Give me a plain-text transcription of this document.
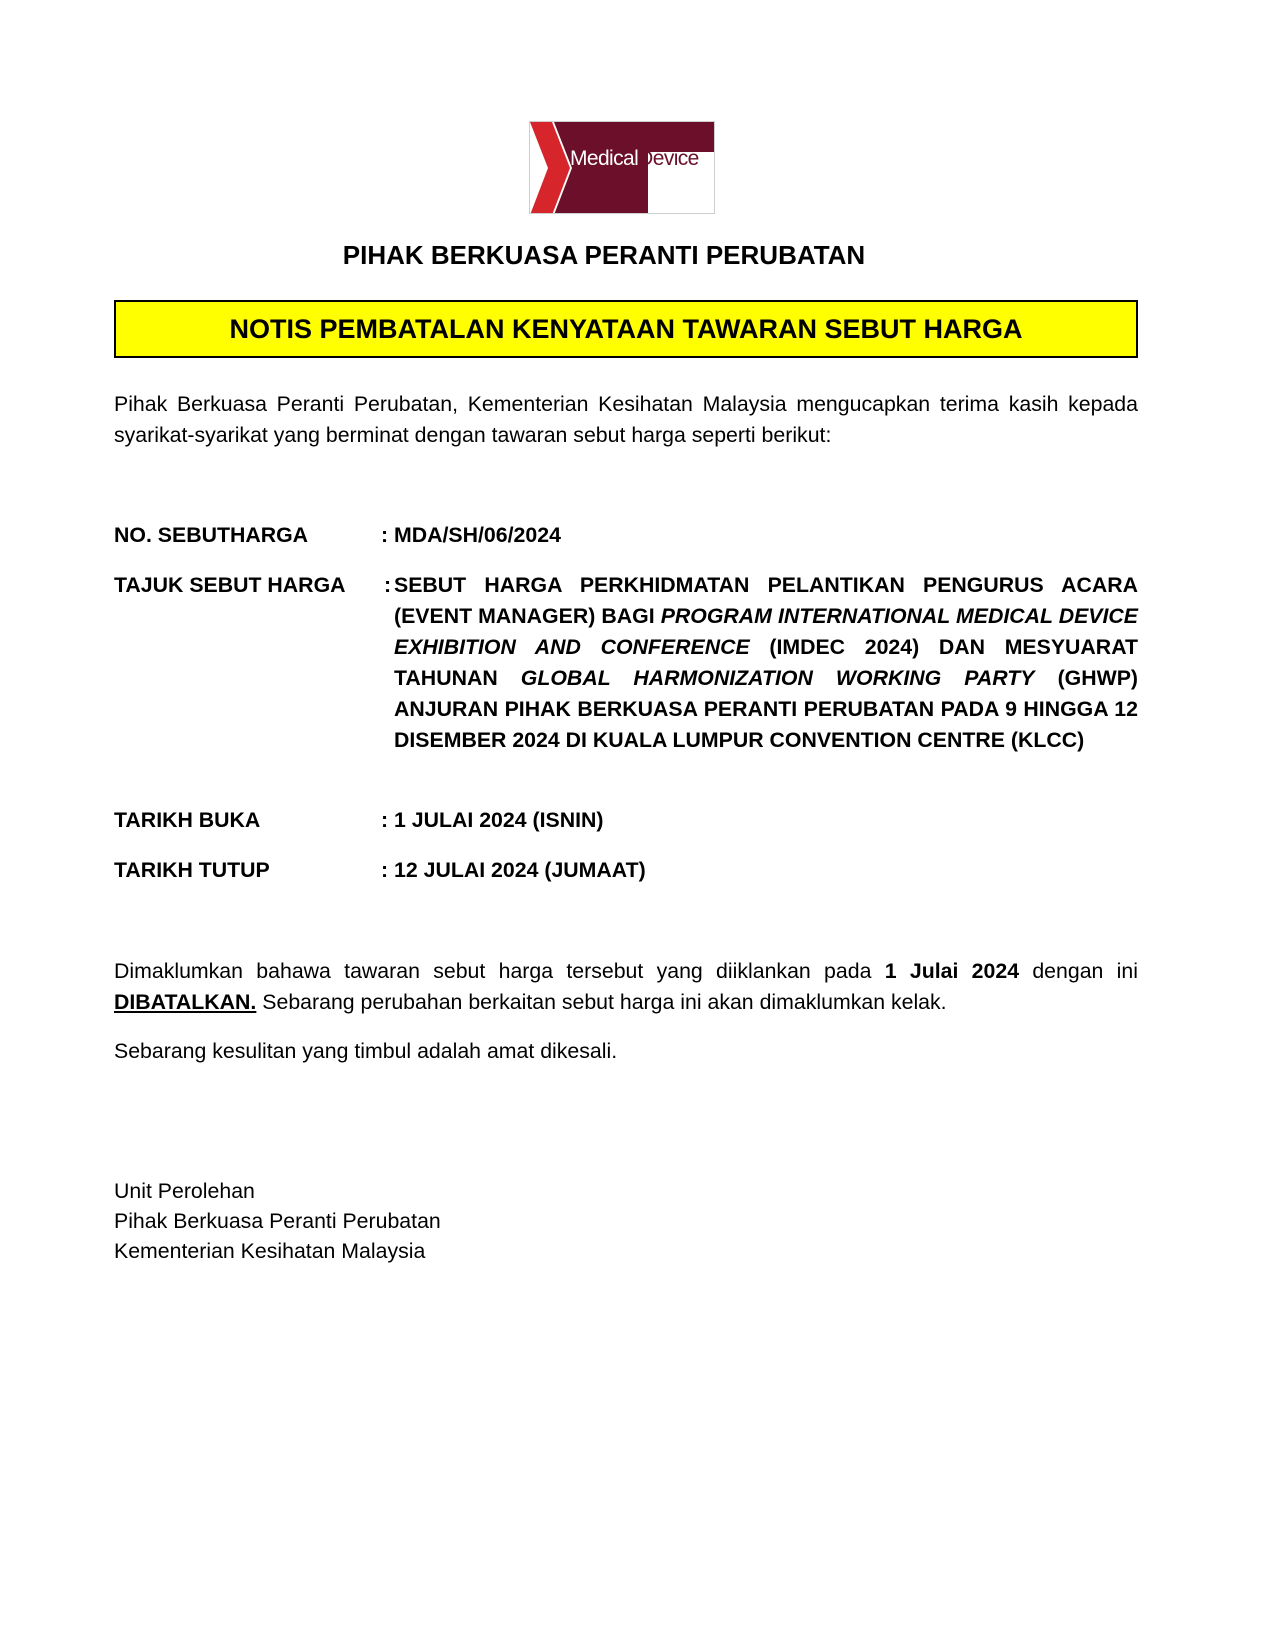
MedicalDevice
AUTHORITY
MALAYSIA
PIHAK BERKUASA PERANTI PERUBATAN
NOTIS PEMBATALAN KENYATAAN TAWARAN SEBUT HARGA
Pihak Berkuasa Peranti Perubatan, Kementerian Kesihatan Malaysia mengucapkan terima kasih kepada syarikat-syarikat yang berminat dengan tawaran sebut harga seperti berikut:
NO. SEBUTHARGA	: MDA/SH/06/2024
TAJUK SEBUT HARGA : SEBUT HARGA PERKHIDMATAN PELANTIKAN PENGURUS ACARA (EVENT MANAGER) BAGI PROGRAM INTERNATIONAL MEDICAL DEVICE EXHIBITION AND CONFERENCE (IMDEC 2024) DAN MESYUARAT TAHUNAN GLOBAL HARMONIZATION WORKING PARTY (GHWP) ANJURAN PIHAK BERKUASA PERANTI PERUBATAN PADA 9 HINGGA 12 DISEMBER 2024 DI KUALA LUMPUR CONVENTION CENTRE (KLCC)
TARIKH BUKA	: 1 JULAI 2024 (ISNIN)
TARIKH TUTUP	: 12 JULAI 2024 (JUMAAT)
Dimaklumkan bahawa tawaran sebut harga tersebut yang diiklankan pada 1 Julai 2024 dengan ini DIBATALKAN. Sebarang perubahan berkaitan sebut harga ini akan dimaklumkan kelak.
Sebarang kesulitan yang timbul adalah amat dikesali.
Unit Perolehan
Pihak Berkuasa Peranti Perubatan
Kementerian Kesihatan Malaysia
